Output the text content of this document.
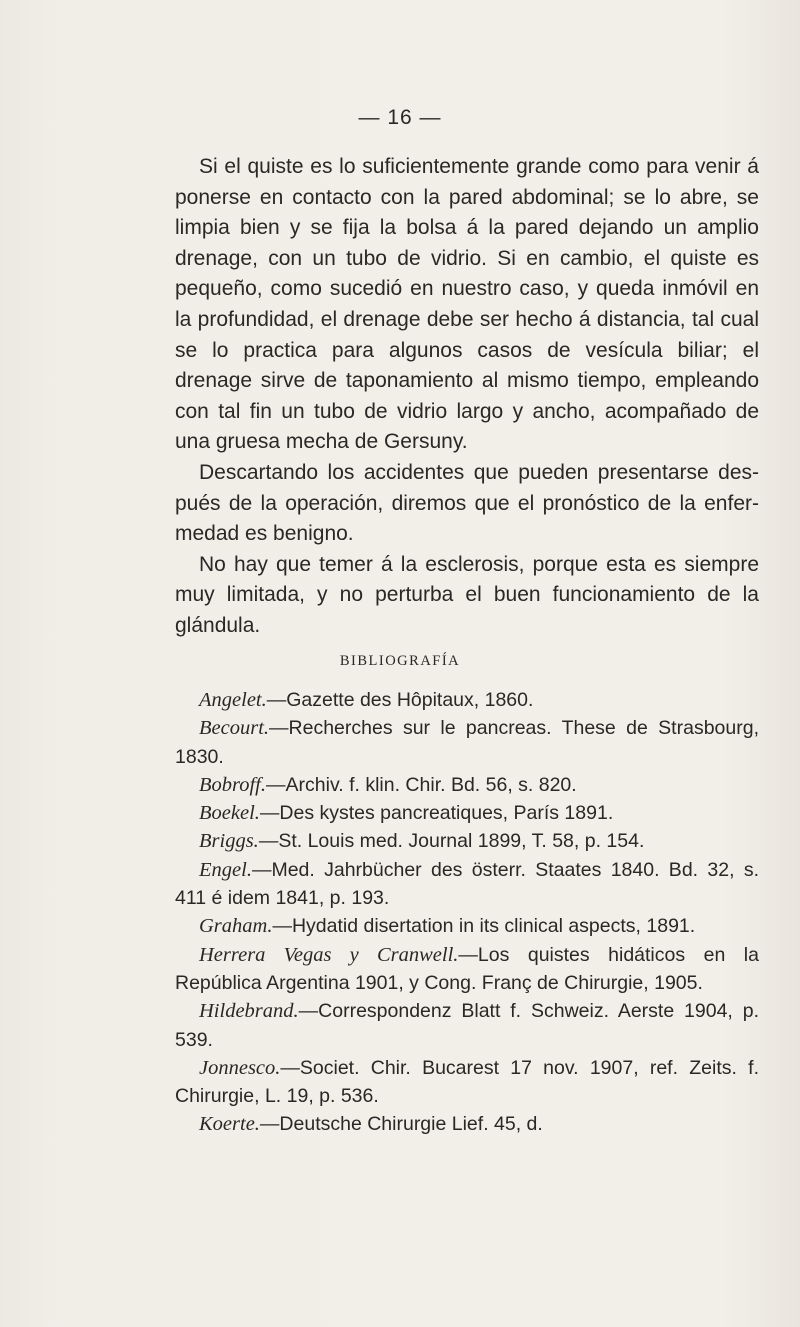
— 16 —

Si el quiste es lo suficientemente grande como para venir á ponerse en contacto con la pared abdominal; se lo abre, se limpia bien y se fija la bolsa á la pared dejando un amplio drenage, con un tubo de vidrio. Si en cambio, el quiste es pequeño, como sucedió en nuestro caso, y queda inmóvil en la profundidad, el drenage debe ser hecho á distancia, tal cual se lo practica para algunos casos de vesícula biliar; el drenage sirve de taponamiento al mismo tiempo, empleando con tal fin un tubo de vidrio largo y ancho, acompañado de una gruesa mecha de Gersuny.

Descartando los accidentes que pueden presentarse después de la operación, diremos que el pronóstico de la enfermedad es benigno.

No hay que temer á la esclerosis, porque esta es siempre muy limitada, y no perturba el buen funcionamiento de la glándula.

BIBLIOGRAFÍA

Angelet.—Gazette des Hôpitaux, 1860.

Becourt.—Recherches sur le pancreas. These de Strasbourg, 1830.

Bobroff.—Archiv. f. klin. Chir. Bd. 56, s. 820.

Boekel.—Des kystes pancreatiques, París 1891.

Briggs.—St. Louis med. Journal 1899, T. 58, p. 154.

Engel.—Med. Jahrbücher des österr. Staates 1840. Bd. 32, s. 411 é idem 1841, p. 193.

Graham.—Hydatid disertation in its clinical aspects, 1891.

Herrera Vegas y Cranwell.—Los quistes hidáticos en la República Argentina 1901, y Cong. Franç de Chirurgie, 1905.

Hildebrand.—Correspondenz Blatt f. Schweiz. Aerste 1904, p. 539.

Jonnesco.—Societ. Chir. Bucarest 17 nov. 1907, ref. Zeits. f. Chirurgie, L. 19, p. 536.

Koerte.—Deutsche Chirurgie Lief. 45, d.
